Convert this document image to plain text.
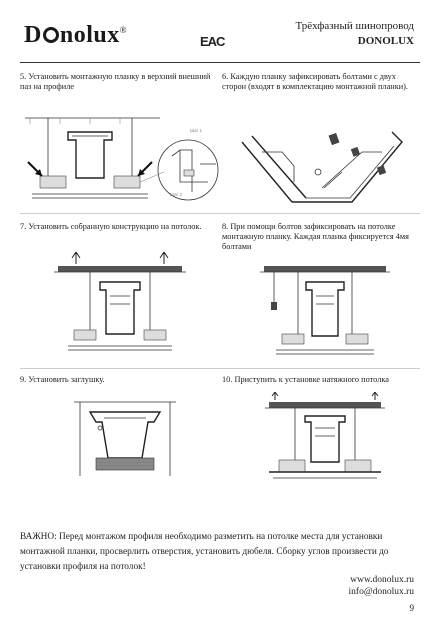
D nolux®
EAC
Трёхфазный шинопровод
DONOLUX
5. Установить монтажную планку в верхний внешний паз на профиле
Шаг 1
Шаг 2
6. Каждую планку зафиксировать болтами с двух сторон (входят в комплектацию монтажной планки).
7. Установить собранную конструкцию на потолок.	8. При помощи болтов зафиксировать на потолке монтажную планку. Каждая планка фиксируется 4мя болтами
9. Установить заглушку.	10. Приступить к установке натяжного потолка
ВАЖНО: Перед монтажом профиля необходимо разметить на потолке места для установки монтажной планки, просверлить отверстия, установить дюбеля. Сборку углов произвести до установки профиля на потолок!
www.donolux.ru
info@donolux.ru
9
